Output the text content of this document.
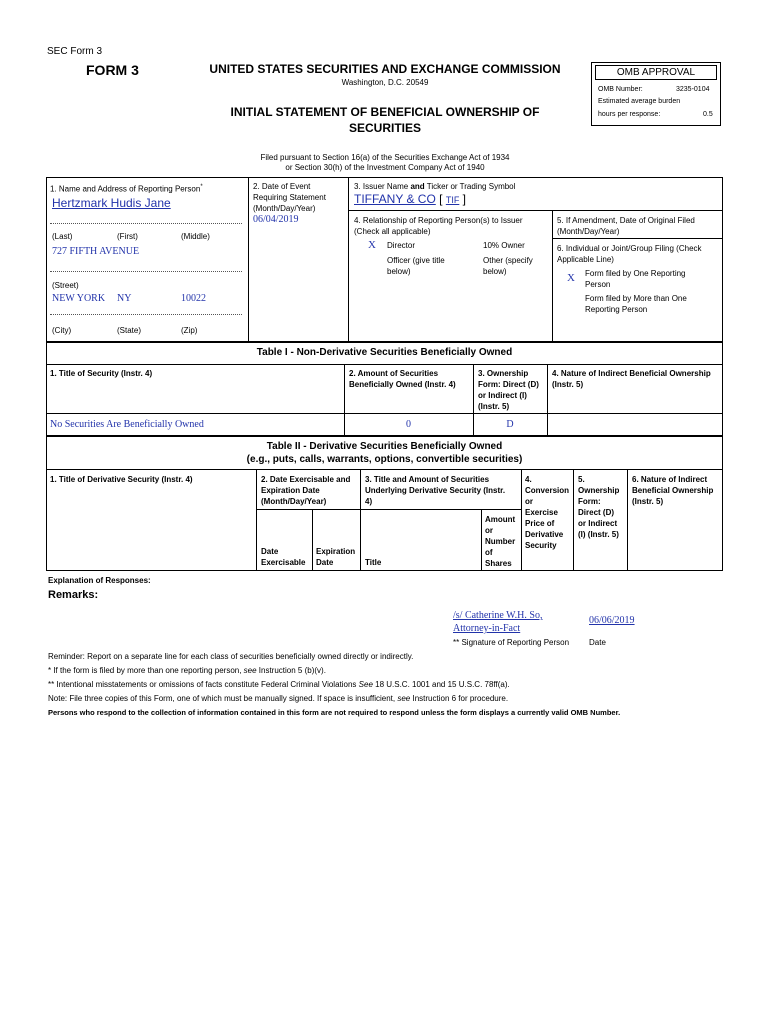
SEC Form 3
FORM 3	UNITED STATES SECURITIES AND EXCHANGE COMMISSION
Washington, D.C. 20549
INITIAL STATEMENT OF BENEFICIAL OWNERSHIP OF
SECURITIES
Filed pursuant to Section 16(a) of the Securities Exchange Act of 1934
or Section 30(h) of the Investment Company Act of 1940
OMB APPROVAL
OMB Number:	3235-0104
Estimated average burden
hours per response:	0.5
1. Name and Address of Reporting Person*
Hertzmark Hudis Jane
(Last)	(First)	(Middle)
727 FIFTH AVENUE
(Street)
NEW YORK NY	10022
(City)	(State)	(Zip)
2. Date of Event
Requiring Statement
(Month/Day/Year)
06/04/2019
3. Issuer Name and Ticker or Trading Symbol
TIFFANY & CO [ TIF ]
4. Relationship of Reporting Person(s) to Issuer
(Check all applicable)
X Director	10% Owner
Officer (give title
below)
Other (specify
below)
5. If Amendment, Date of Original Filed
(Month/Day/Year)
6. Individual or Joint/Group Filing (Check
Applicable Line)
X Form filed by One Reporting
Person
Form filed by More than One
Reporting Person
Table I - Non-Derivative Securities Beneficially Owned
1. Title of Security (Instr. 4)	2. Amount of Securities
Beneficially Owned (Instr. 4)
3. Ownership
Form: Direct (D)
or Indirect (I)
(Instr. 5)
4. Nature of Indirect Beneficial Ownership
(Instr. 5)
No Securities Are Beneficially Owned	0	D
Table II - Derivative Securities Beneficially Owned
(e.g., puts, calls, warrants, options, convertible securities)
1. Title of Derivative Security (Instr. 4)	2. Date Exercisable and
Expiration Date
(Month/Day/Year)
3. Title and Amount of Securities
Underlying Derivative Security (Instr.
4)
4.
Conversion
or
Exercise
Price of
Derivative
Security
5.
Ownership
Form:
Direct (D)
or Indirect
(I) (Instr. 5)
6. Nature of Indirect
Beneficial Ownership
(Instr. 5)
Date
Exercisable
Expiration
Date	Title
Amount
or
Number
of
Shares
Explanation of Responses:
Remarks:
/s/ Catherine W.H. So,
Attorney-in-Fact
06/06/2019
** Signature of Reporting Person Date
Reminder: Report on a separate line for each class of securities beneficially owned directly or indirectly.
* If the form is filed by more than one reporting person, see Instruction 5 (b)(v).
** Intentional misstatements or omissions of facts constitute Federal Criminal Violations See 18 U.S.C. 1001 and 15 U.S.C. 78ff(a).
Note: File three copies of this Form, one of which must be manually signed. If space is insufficient, see Instruction 6 for procedure.
Persons who respond to the collection of information contained in this form are not required to respond unless the form displays a currently valid OMB Number.
